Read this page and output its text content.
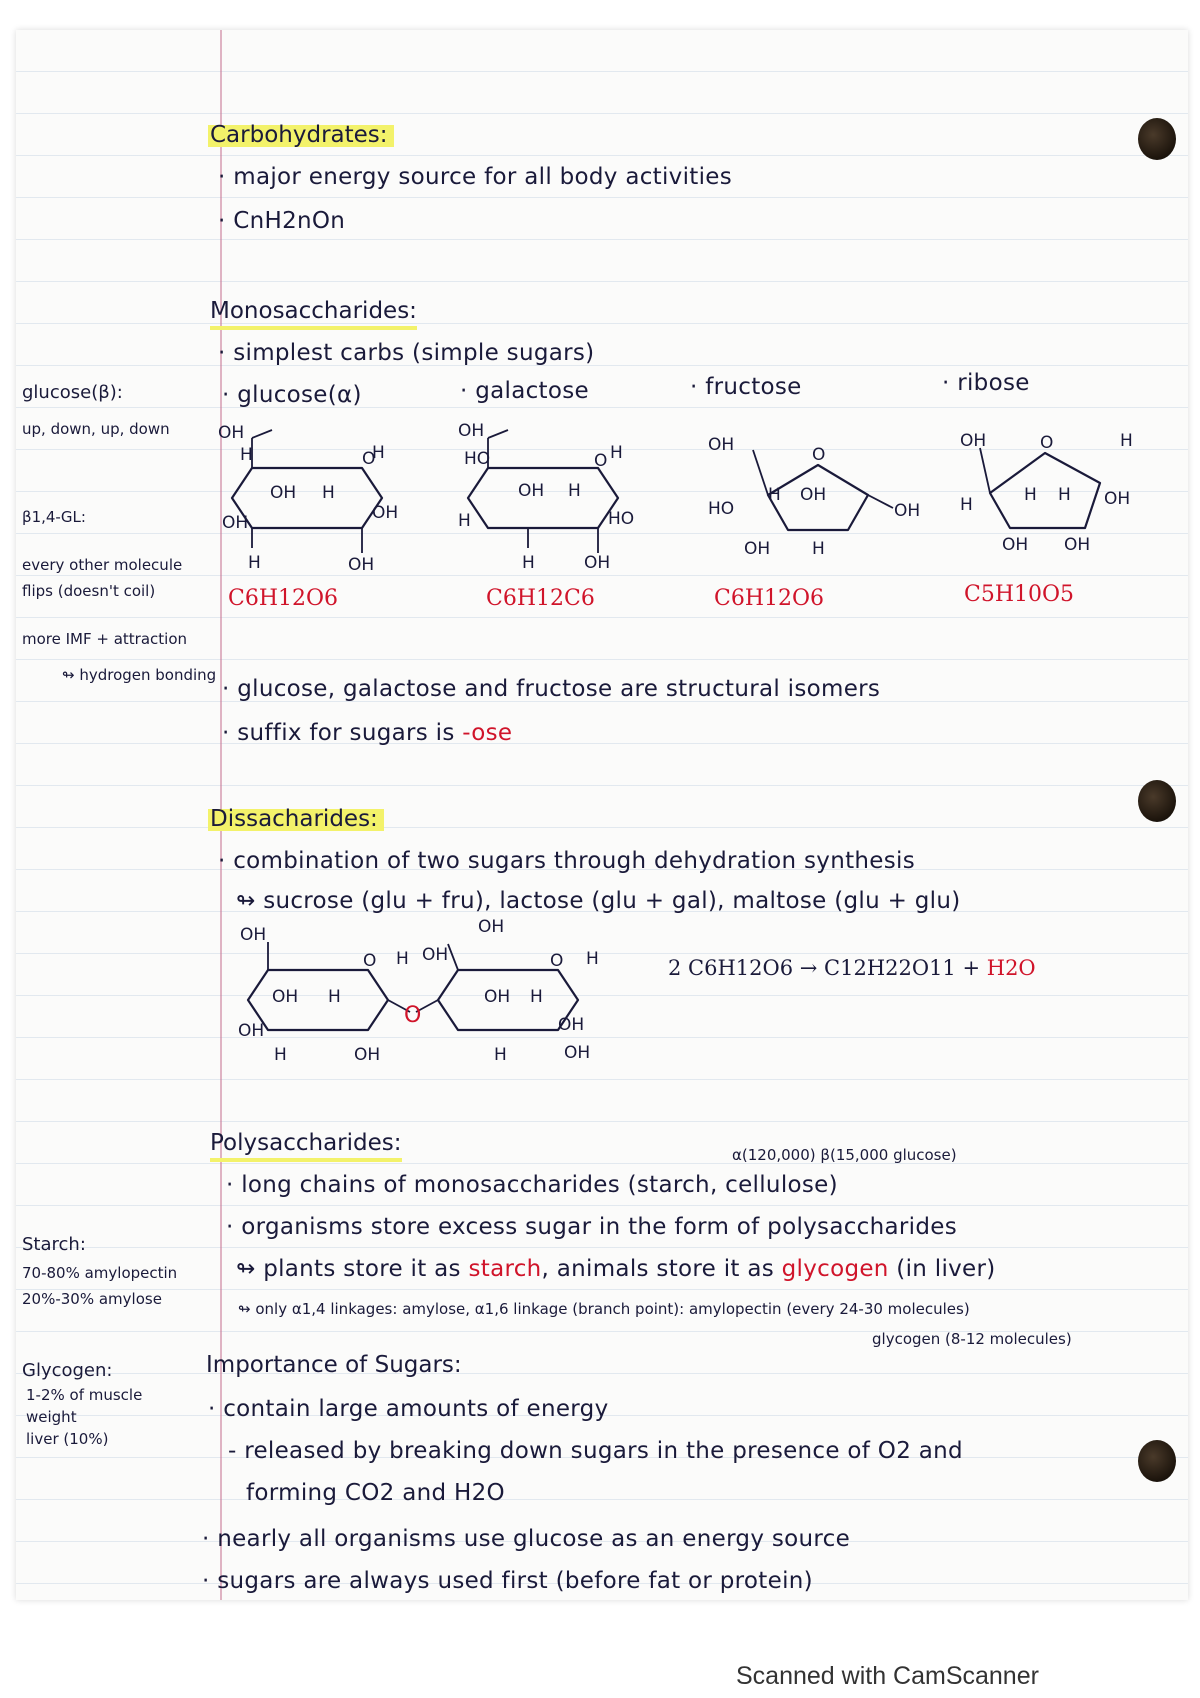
Carbohydrates:
· major energy source for all body activities
· CnH2nOn
Monosaccharides:
· simplest carbs (simple sugars)
· glucose(α)	· galactose	· fructose	· ribose
glucose(β):
up, down, up, down
β1,4-GL:
every other molecule
flips (doesn't coil)
more IMF + attraction
↬ hydrogen bonding
OH
O
H
H
OH H
OH
OH
H	OH
C6H12O6
OH
HO	O H
OH H
H	HO
H	OH
C6H12C6
OH	O
HO
H OH
OH
OH H
C6H12O6
OH	O	H
H	H H OH
OH OH
C5H10O5
· glucose, galactose and fructose are structural isomers
· suffix for sugars is -ose
Dissacharides:
· combination of two sugars through dehydration synthesis
↬ sucrose (glu + fru), lactose (glu + gal), maltose (glu + glu)
OH
O H
OH H
OH
H	OH
O
OH
OH
O H
OH H
OH
H	OH
2 C6H12O6 → C12H22O11 + H2O
Polysaccharides:	α(120,000) β(15,000 glucose)
· long chains of monosaccharides (starch, cellulose)
· organisms store excess sugar in the form of polysaccharides
↬ plants store it as starch, animals store it as glycogen (in liver)
↬ only α1,4 linkages: amylose, α1,6 linkage (branch point): amylopectin (every 24-30 molecules)
glycogen (8-12 molecules)
Starch:
70-80% amylopectin
20%-30% amylose
Glycogen:
1-2% of muscle
weight
liver (10%)
Importance of Sugars:
· contain large amounts of energy
- released by breaking down sugars in the presence of O2 and
forming CO2 and H2O
· nearly all organisms use glucose as an energy source
· sugars are always used first (before fat or protein)
Scanned with CamScanner
